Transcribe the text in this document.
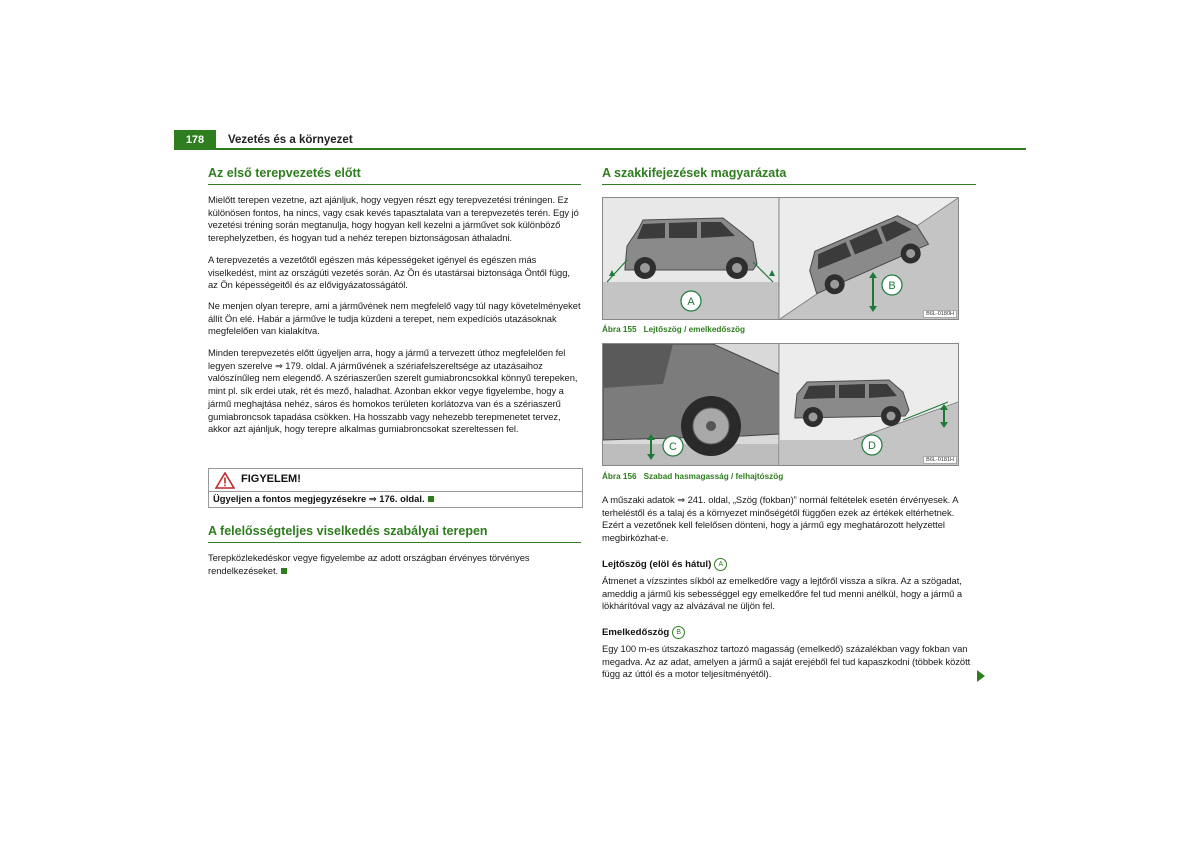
178	Vezetés és a környezet
Az első terepvezetés előtt

Mielőtt terepen vezetne, azt ajánljuk, hogy vegyen részt egy terepvezetési tréningen. Ez különösen fontos, ha nincs, vagy csak kevés tapasztalata van a terepvezetés terén. Egy jó vezetési tréning során megtanulja, hogy hogyan kell kezelni a járművet sok különböző terephelyzetben, és hogyan tud a nehéz terepen biztonságosan áthaladni.

A terepvezetés a vezetőtől egészen más képességeket igényel és egészen más viselkedést, mint az országúti vezetés során. Az Ön és utastársai biztonsága Öntől függ, az Ön képességeitől és az elővigyázatosságától.

Ne menjen olyan terepre, ami a járművének nem megfelelő vagy túl nagy követelményeket állít Ön elé. Habár a járműve le tudja küzdeni a terepet, nem expedíciós utazásoknak megfelelően van kialakítva.

Minden terepvezetés előtt ügyeljen arra, hogy a jármű a tervezett úthoz megfelelően fel legyen szerelve ⇒ 179. oldal. A járművének a szériafelszereltsége az utazásaihoz valószínűleg nem elegendő. A szériaszerűen szerelt gumiabroncsokkal könnyű terepeken, mint pl. sík erdei utak, rét és mező, haladhat. Azonban ekkor vegye figyelembe, hogy a jármű meghajtása nehéz, sáros és homokos területen korlátozva van és a szériaszerű gumiabroncsok tapadása csökken. Ha hosszabb vagy nehezebb terepmenetet tervez, akkor azt ajánljuk, hogy terepre alkalmas gumiabroncsokat szereltessen fel.

FIGYELEM!
Ügyeljen a fontos megjegyzésekre ⇒ 176. oldal.
A felelősségteljes viselkedés szabályai terepen

Terepközlekedéskor vegye figyelembe az adott országban érvényes törvényes rendelkezéseket.

A szakkifejezések magyarázata
A
B
B6L-0180H
Ábra 155 Lejtőszög / emelkedőszög
C	D
B6L-0181H
Ábra 156 Szabad hasmagasság / felhajtószög

A műszaki adatok ⇒ 241. oldal, „Szög (fokban)” normál feltételek esetén érvényesek. A terheléstől és a talaj és a környezet minőségétől függően ezek az értékek eltérhetnek. Ezért a vezetőnek kell felelősen dönteni, hogy a jármű egy meghatározott helyzettel megbirkózhat-e.

Lejtőszög (elöl és hátul) A

Átmenet a vízszintes síkból az emelkedőre vagy a lejtőről vissza a síkra. Az a szögadat, ameddig a jármű kis sebességgel egy emelkedőre fel tud menni anélkül, hogy a jármű a lökhárítóval vagy az alvázával ne üljön fel.

Emelkedőszög B

Egy 100 m-es útszakaszhoz tartozó magasság (emelkedő) százalékban vagy fokban van megadva. Az az adat, amelyen a jármű a saját erejéből fel tud kapaszkodni (többek között függ az úttól és a motor teljesítményétől).
